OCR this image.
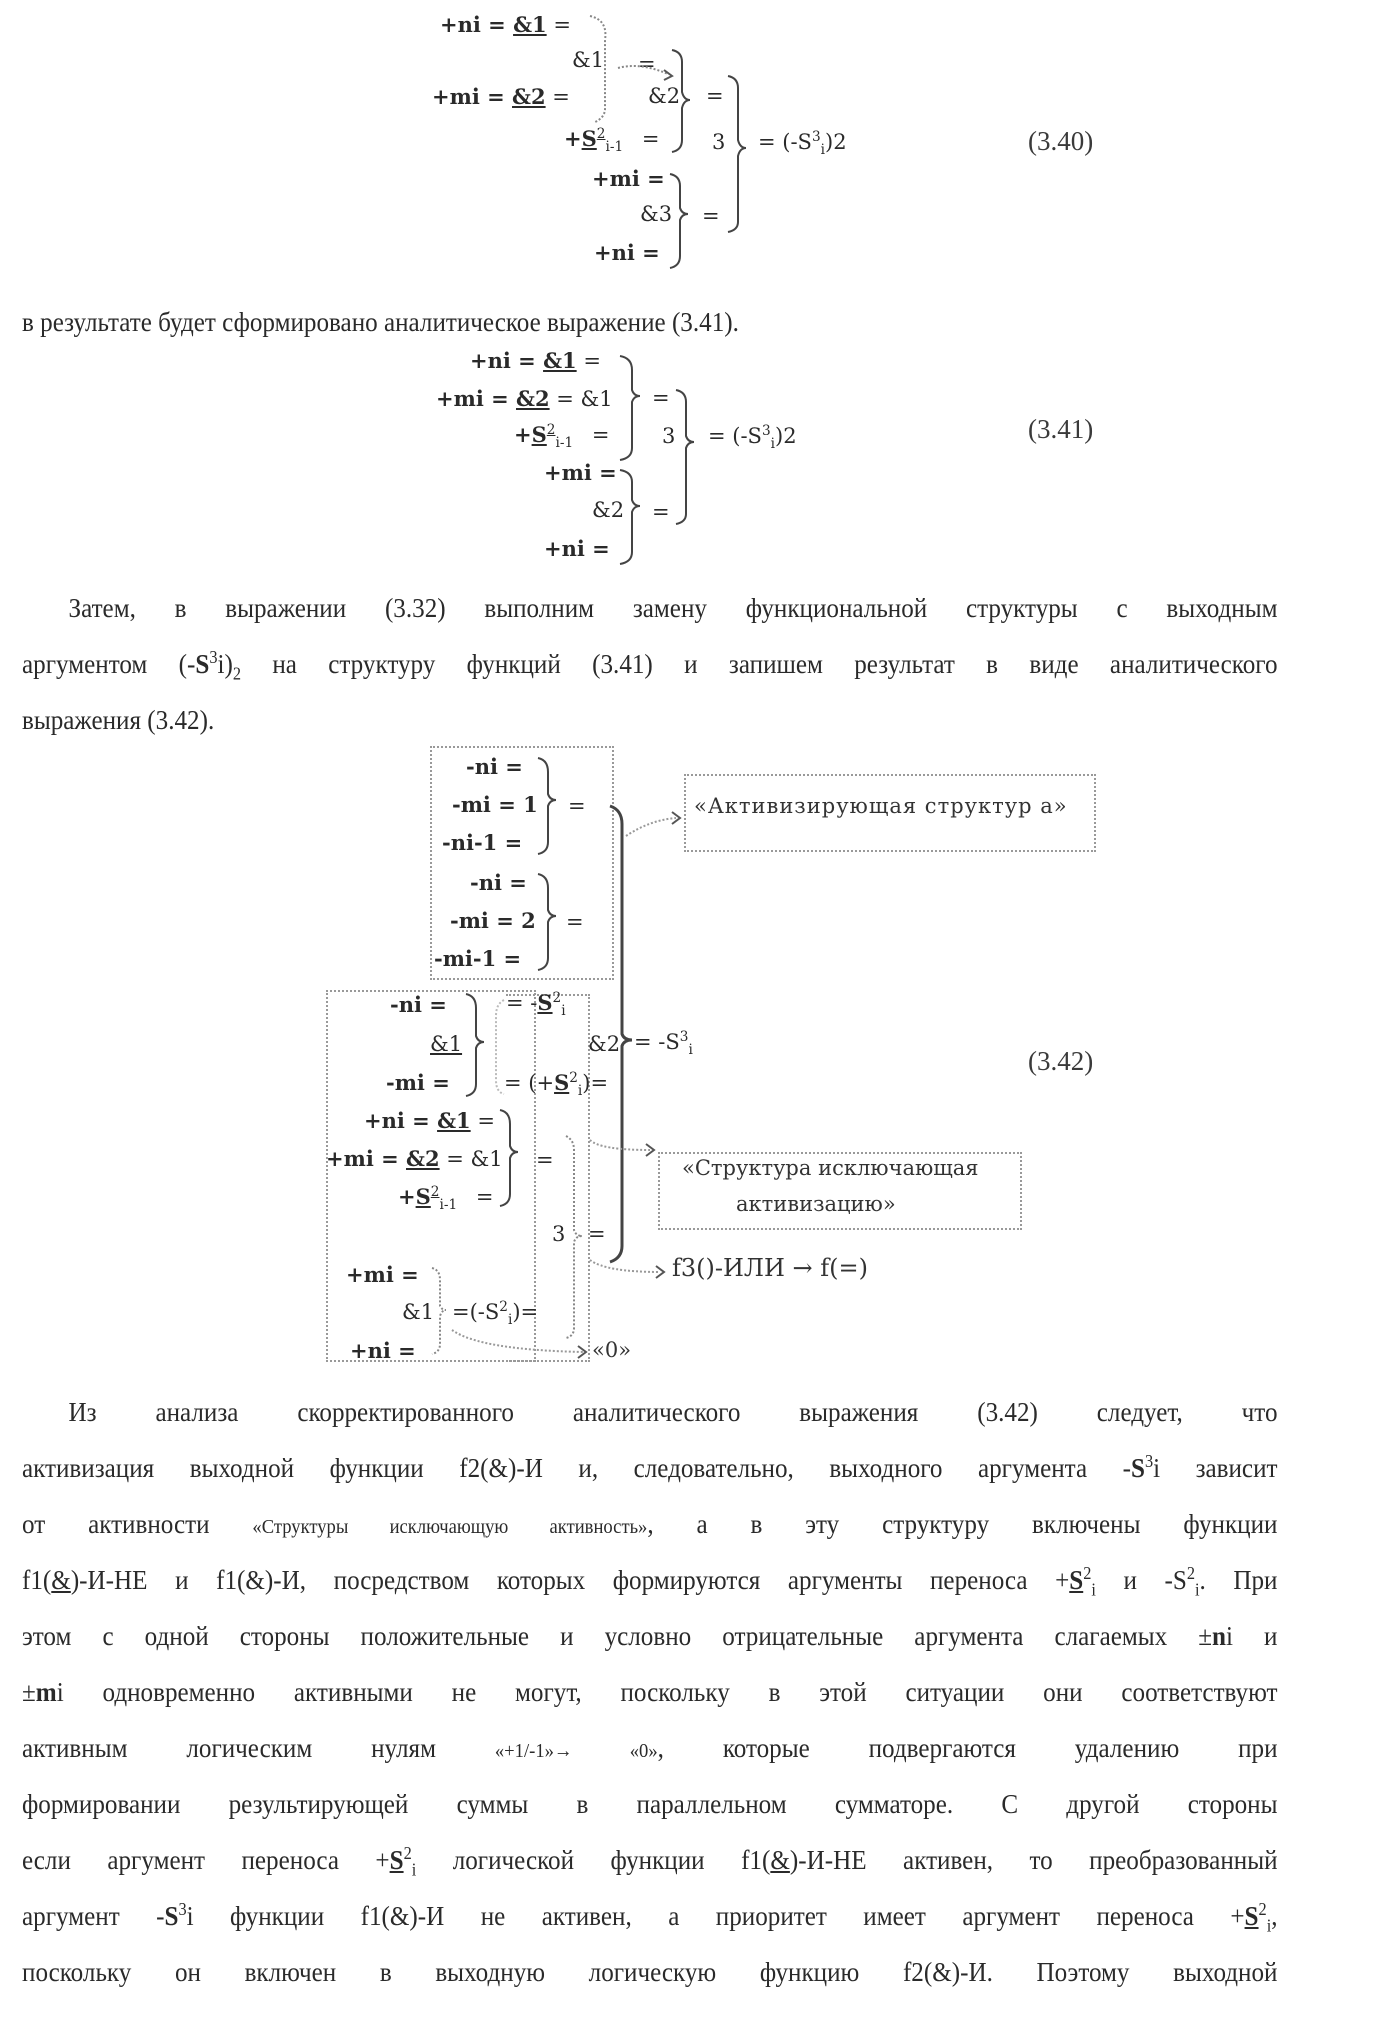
+ni = &1 =
&1 =
+mi = &2 =	&2 =
+S2i-1 =	3 = (-S3i)2
+mi =
&3 =
+ni =
(3.40)
в результате будет сформировано аналитическое выражение (3.41).
+ni = &1 =
+mi = &2 = &1 =
+S2i-1 =	3 = (-S3i)2
+mi =
&2 =
+ni =
(3.41)
Затем, в выражении (3.32) выполним замену функциональной структуры с выходным
аргументом (-S3i)2 на структуру функций (3.41) и запишем результат в виде аналитического
выражения (3.42).
-ni =
-mi = 1 =
-ni-1 =
-ni =
-mi = 2 =
-mi-1 =
-ni =
&1
-mi =
= -S2i
= (+S2i)=
&2 = -S3i	(3.42)
+ni = &1 =
+mi = &2 = &1 =
+S2i-1 =
3 =
+mi =
&1 =(-S2i)=
+ni =
«Активизирующая структур а»
«Структура исключающая
активизацию»
f3()-ИЛИ → f(=)
«0»
Из анализа скорректированного аналитического выражения (3.42) следует, что
активизация выходной функции f2(&)-И и, следовательно, выходного аргумента -S3i зависит
от активности «Структуры исключающую активность», а в эту структуру включены функции
f1(&)-И-НЕ и f1(&)-И, посредством которых формируются аргументы переноса +S2i и -S2i. При
этом с одной стороны положительные и условно отрицательные аргумента слагаемых ±ni и
±mi одновременно активными не могут, поскольку в этой ситуации они соответствуют
активным логическим нулям «+1/-1»→ «0», которые подвергаются удалению при
формировании результирующей суммы в параллельном сумматоре. С другой стороны
если аргумент переноса +S2i логической функции f1(&)-И-НЕ активен, то преобразованный
аргумент -S3i функции f1(&)-И не активен, а приоритет имеет аргумент переноса +S2i,
поскольку он включен в выходную логическую функцию f2(&)-И. Поэтому выходной
